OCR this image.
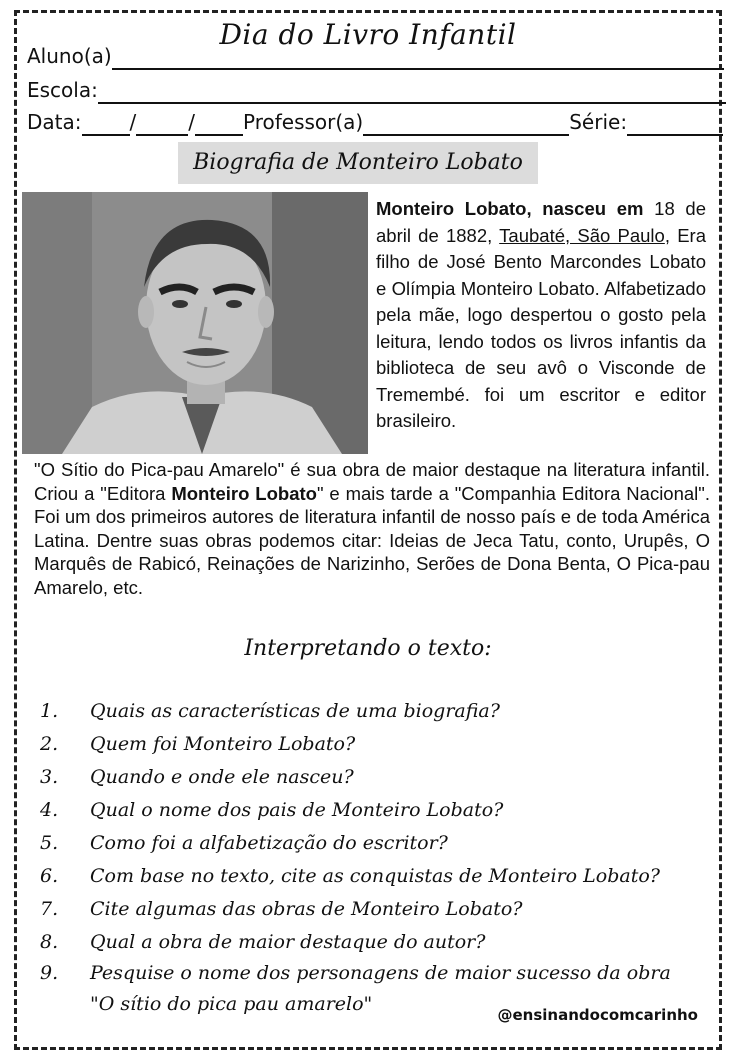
Dia do Livro Infantil
Aluno(a)
Escola:
Data: /	/ Professor(a)	Série:
Biografia de Monteiro Lobato
Monteiro Lobato, nasceu em 18 de abril de 1882, Taubaté, São Paulo, Era filho de José Bento Marcondes Lobato e Olímpia Monteiro Lobato. Alfabetizado pela mãe, logo despertou o gosto pela leitura, lendo todos os livros infantis da biblioteca de seu avô o Visconde de Tremembé. foi um escritor e editor brasileiro.
"O Sítio do Pica-pau Amarelo" é sua obra de maior destaque na literatura infantil. Criou a "Editora Monteiro Lobato" e mais tarde a "Companhia Editora Nacional". Foi um dos primeiros autores de literatura infantil de nosso país e de toda América Latina. Dentre suas obras podemos citar: Ideias de Jeca Tatu, conto, Urupês, O Marquês de Rabicó, Reinações de Narizinho, Serões de Dona Benta, O Pica-pau Amarelo, etc.
Interpretando o texto:
1.	Quais as características de uma biografia?
2.	Quem foi Monteiro Lobato?
3.	Quando e onde ele nasceu?
4.	Qual o nome dos pais de Monteiro Lobato?
5.	Como foi a alfabetização do escritor?
6.	Com base no texto, cite as conquistas de Monteiro Lobato?
7.	Cite algumas das obras de Monteiro Lobato?
8.	Qual a obra de maior destaque do autor?
9.	Pesquise o nome dos personagens de maior sucesso da obra "O sítio do pica pau amarelo"	@ensinandocomcarinho
